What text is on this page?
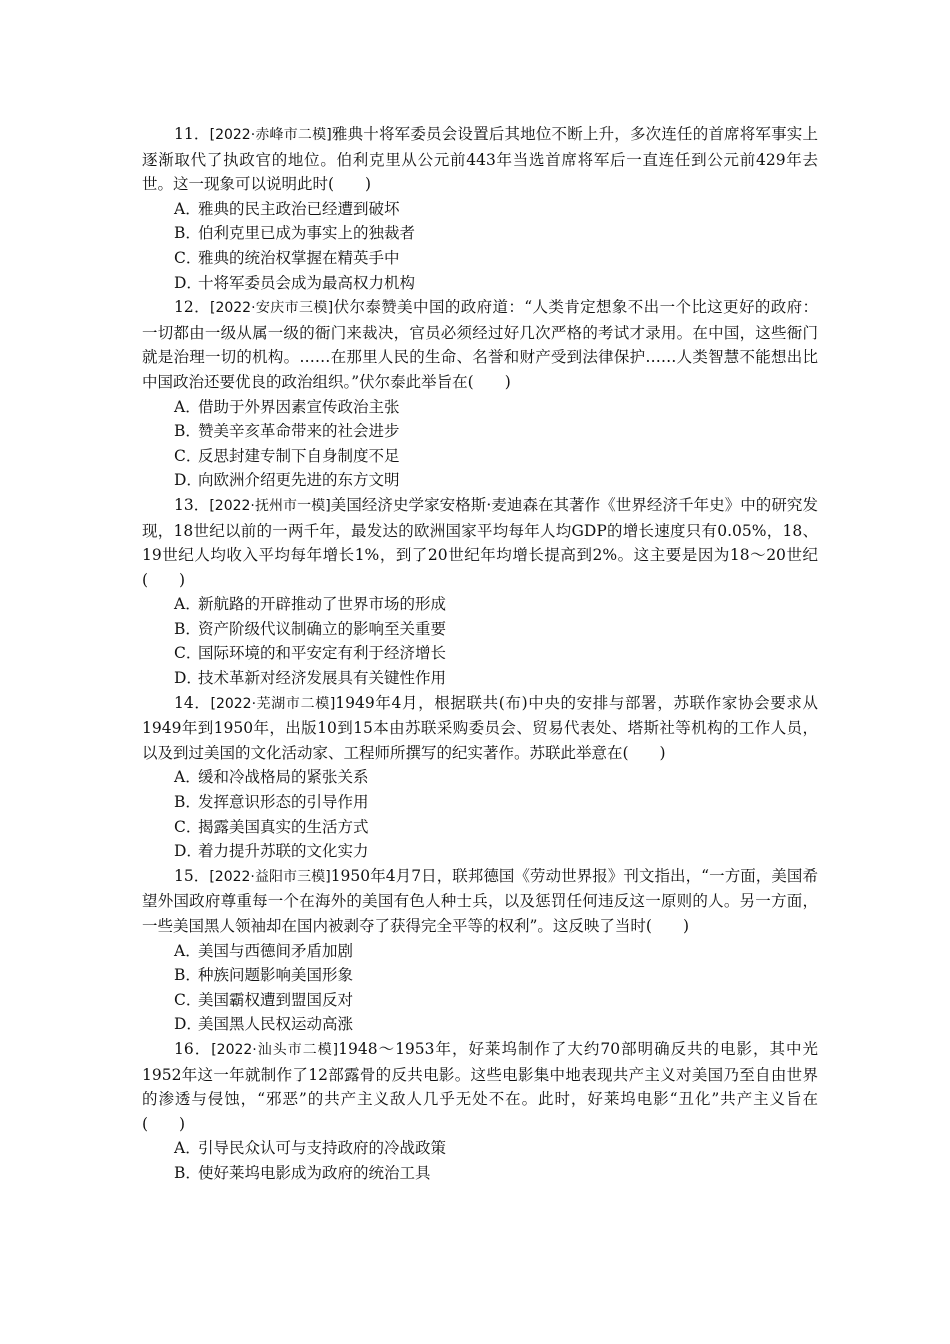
11．[2022·赤峰市二模]雅典十将军委员会设置后其地位不断上升，多次连任的首席将军事实上逐渐取代了执政官的地位。伯利克里从公元前443年当选首席将军后一直连任到公元前429年去世。这一现象可以说明此时(　　)

A．雅典的民主政治已经遭到破坏

B．伯利克里已成为事实上的独裁者

C．雅典的统治权掌握在精英手中

D．十将军委员会成为最高权力机构

12．[2022·安庆市三模]伏尔泰赞美中国的政府道：“人类肯定想象不出一个比这更好的政府：一切都由一级从属一级的衙门来裁决，官员必须经过好几次严格的考试才录用。在中国，这些衙门就是治理一切的机构。……在那里人民的生命、名誉和财产受到法律保护……人类智慧不能想出比中国政治还要优良的政治组织。”伏尔泰此举旨在(　　)

A．借助于外界因素宣传政治主张

B．赞美辛亥革命带来的社会进步

C．反思封建专制下自身制度不足

D．向欧洲介绍更先进的东方文明

13．[2022·抚州市一模]美国经济史学家安格斯·麦迪森在其著作《世界经济千年史》中的研究发现，18世纪以前的一两千年，最发达的欧洲国家平均每年人均GDP的增长速度只有0.05%，18、19世纪人均收入平均每年增长1%，到了20世纪年均增长提高到2%。这主要是因为18～20世纪(　　)

A．新航路的开辟推动了世界市场的形成

B．资产阶级代议制确立的影响至关重要

C．国际环境的和平安定有利于经济增长

D．技术革新对经济发展具有关键性作用

14．[2022·芜湖市二模]1949年4月，根据联共(布)中央的安排与部署，苏联作家协会要求从1949年到1950年，出版10到15本由苏联采购委员会、贸易代表处、塔斯社等机构的工作人员，以及到过美国的文化活动家、工程师所撰写的纪实著作。苏联此举意在(　　)

A．缓和冷战格局的紧张关系

B．发挥意识形态的引导作用

C．揭露美国真实的生活方式

D．着力提升苏联的文化实力

15．[2022·益阳市三模]1950年4月7日，联邦德国《劳动世界报》刊文指出，“一方面，美国希望外国政府尊重每一个在海外的美国有色人种士兵，以及惩罚任何违反这一原则的人。另一方面，一些美国黑人领袖却在国内被剥夺了获得完全平等的权利”。这反映了当时(　　)

A．美国与西德间矛盾加剧

B．种族问题影响美国形象

C．美国霸权遭到盟国反对

D．美国黑人民权运动高涨

16．[2022·汕头市二模]1948～1953年，好莱坞制作了大约70部明确反共的电影，其中光1952年这一年就制作了12部露骨的反共电影。这些电影集中地表现共产主义对美国乃至自由世界的渗透与侵蚀，“邪恶”的共产主义敌人几乎无处不在。此时，好莱坞电影“丑化”共产主义旨在(　　)

A．引导民众认可与支持政府的冷战政策

B．使好莱坞电影成为政府的统治工具
